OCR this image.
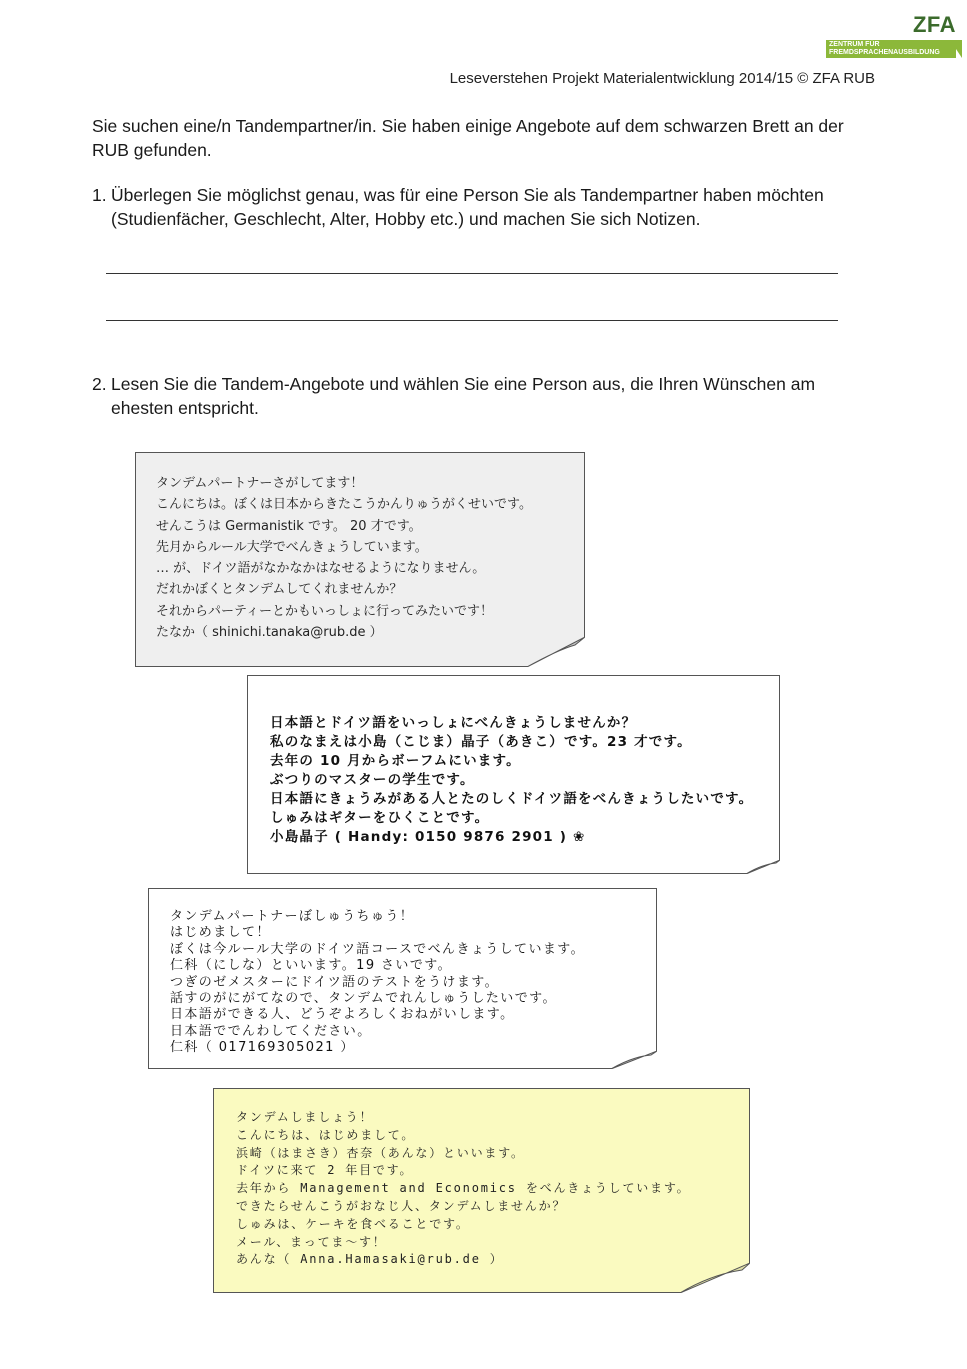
ZFA
ZENTRUM FÜR FREMDSPRACHENAUSBILDUNG
Leseverstehen Projekt Materialentwicklung 2014/15 © ZFA RUB
Sie suchen eine/n Tandempartner/in. Sie haben einige Angebote auf dem schwarzen Brett an der RUB gefunden.
1. Überlegen Sie möglichst genau, was für eine Person Sie als Tandempartner haben möchten (Studienfächer, Geschlecht, Alter, Hobby etc.) und machen Sie sich Notizen.
2. Lesen Sie die Tandem-Angebote und wählen Sie eine Person aus, die Ihren Wünschen am ehesten entspricht.
タンデムパートナーさがしてます！
こんにちは。ぼくは日本からきたこうかんりゅうがくせいです。
せんこうは Germanistik です。 20 才です。
先月からルール大学でべんきょうしています。
… が、ドイツ語がなかなかはなせるようになりません。
だれかぼくとタンデムしてくれませんか？
それからパーティーとかもいっしょに行ってみたいです！
たなか（ shinichi.tanaka@rub.de ）
日本語とドイツ語をいっしょにべんきょうしませんか？
私のなまえは小島（こじま）晶子（あきこ）です。23 才です。
去年の 10 月からボーフムにいます。
ぶつりのマスターの学生です。
日本語にきょうみがある人とたのしくドイツ語をべんきょうしたいです。
しゅみはギターをひくことです。
小島晶子 ( Handy: 0150 9876 2901 ) ❀
タンデムパートナーぼしゅうちゅう！
はじめまして！
ぼくは今ルール大学のドイツ語コースでべんきょうしています。
仁科（にしな）といいます。19 さいです。
つぎのゼメスターにドイツ語のテストをうけます。
話すのがにがてなので、タンデムでれんしゅうしたいです。
日本語ができる人、どうぞよろしくおねがいします。
日本語ででんわしてください。
仁科（ 017169305021 ）
タンデムしましょう！
こんにちは、はじめまして。
浜崎（はまさき）杏奈（あんな）といいます。
ドイツに来て 2 年目です。
去年から Management and Economics をべんきょうしています。
できたらせんこうがおなじ人、タンデムしませんか？
しゅみは、ケーキを食べることです。
メール、まってま～す！
あんな（ Anna.Hamasaki@rub.de ）
